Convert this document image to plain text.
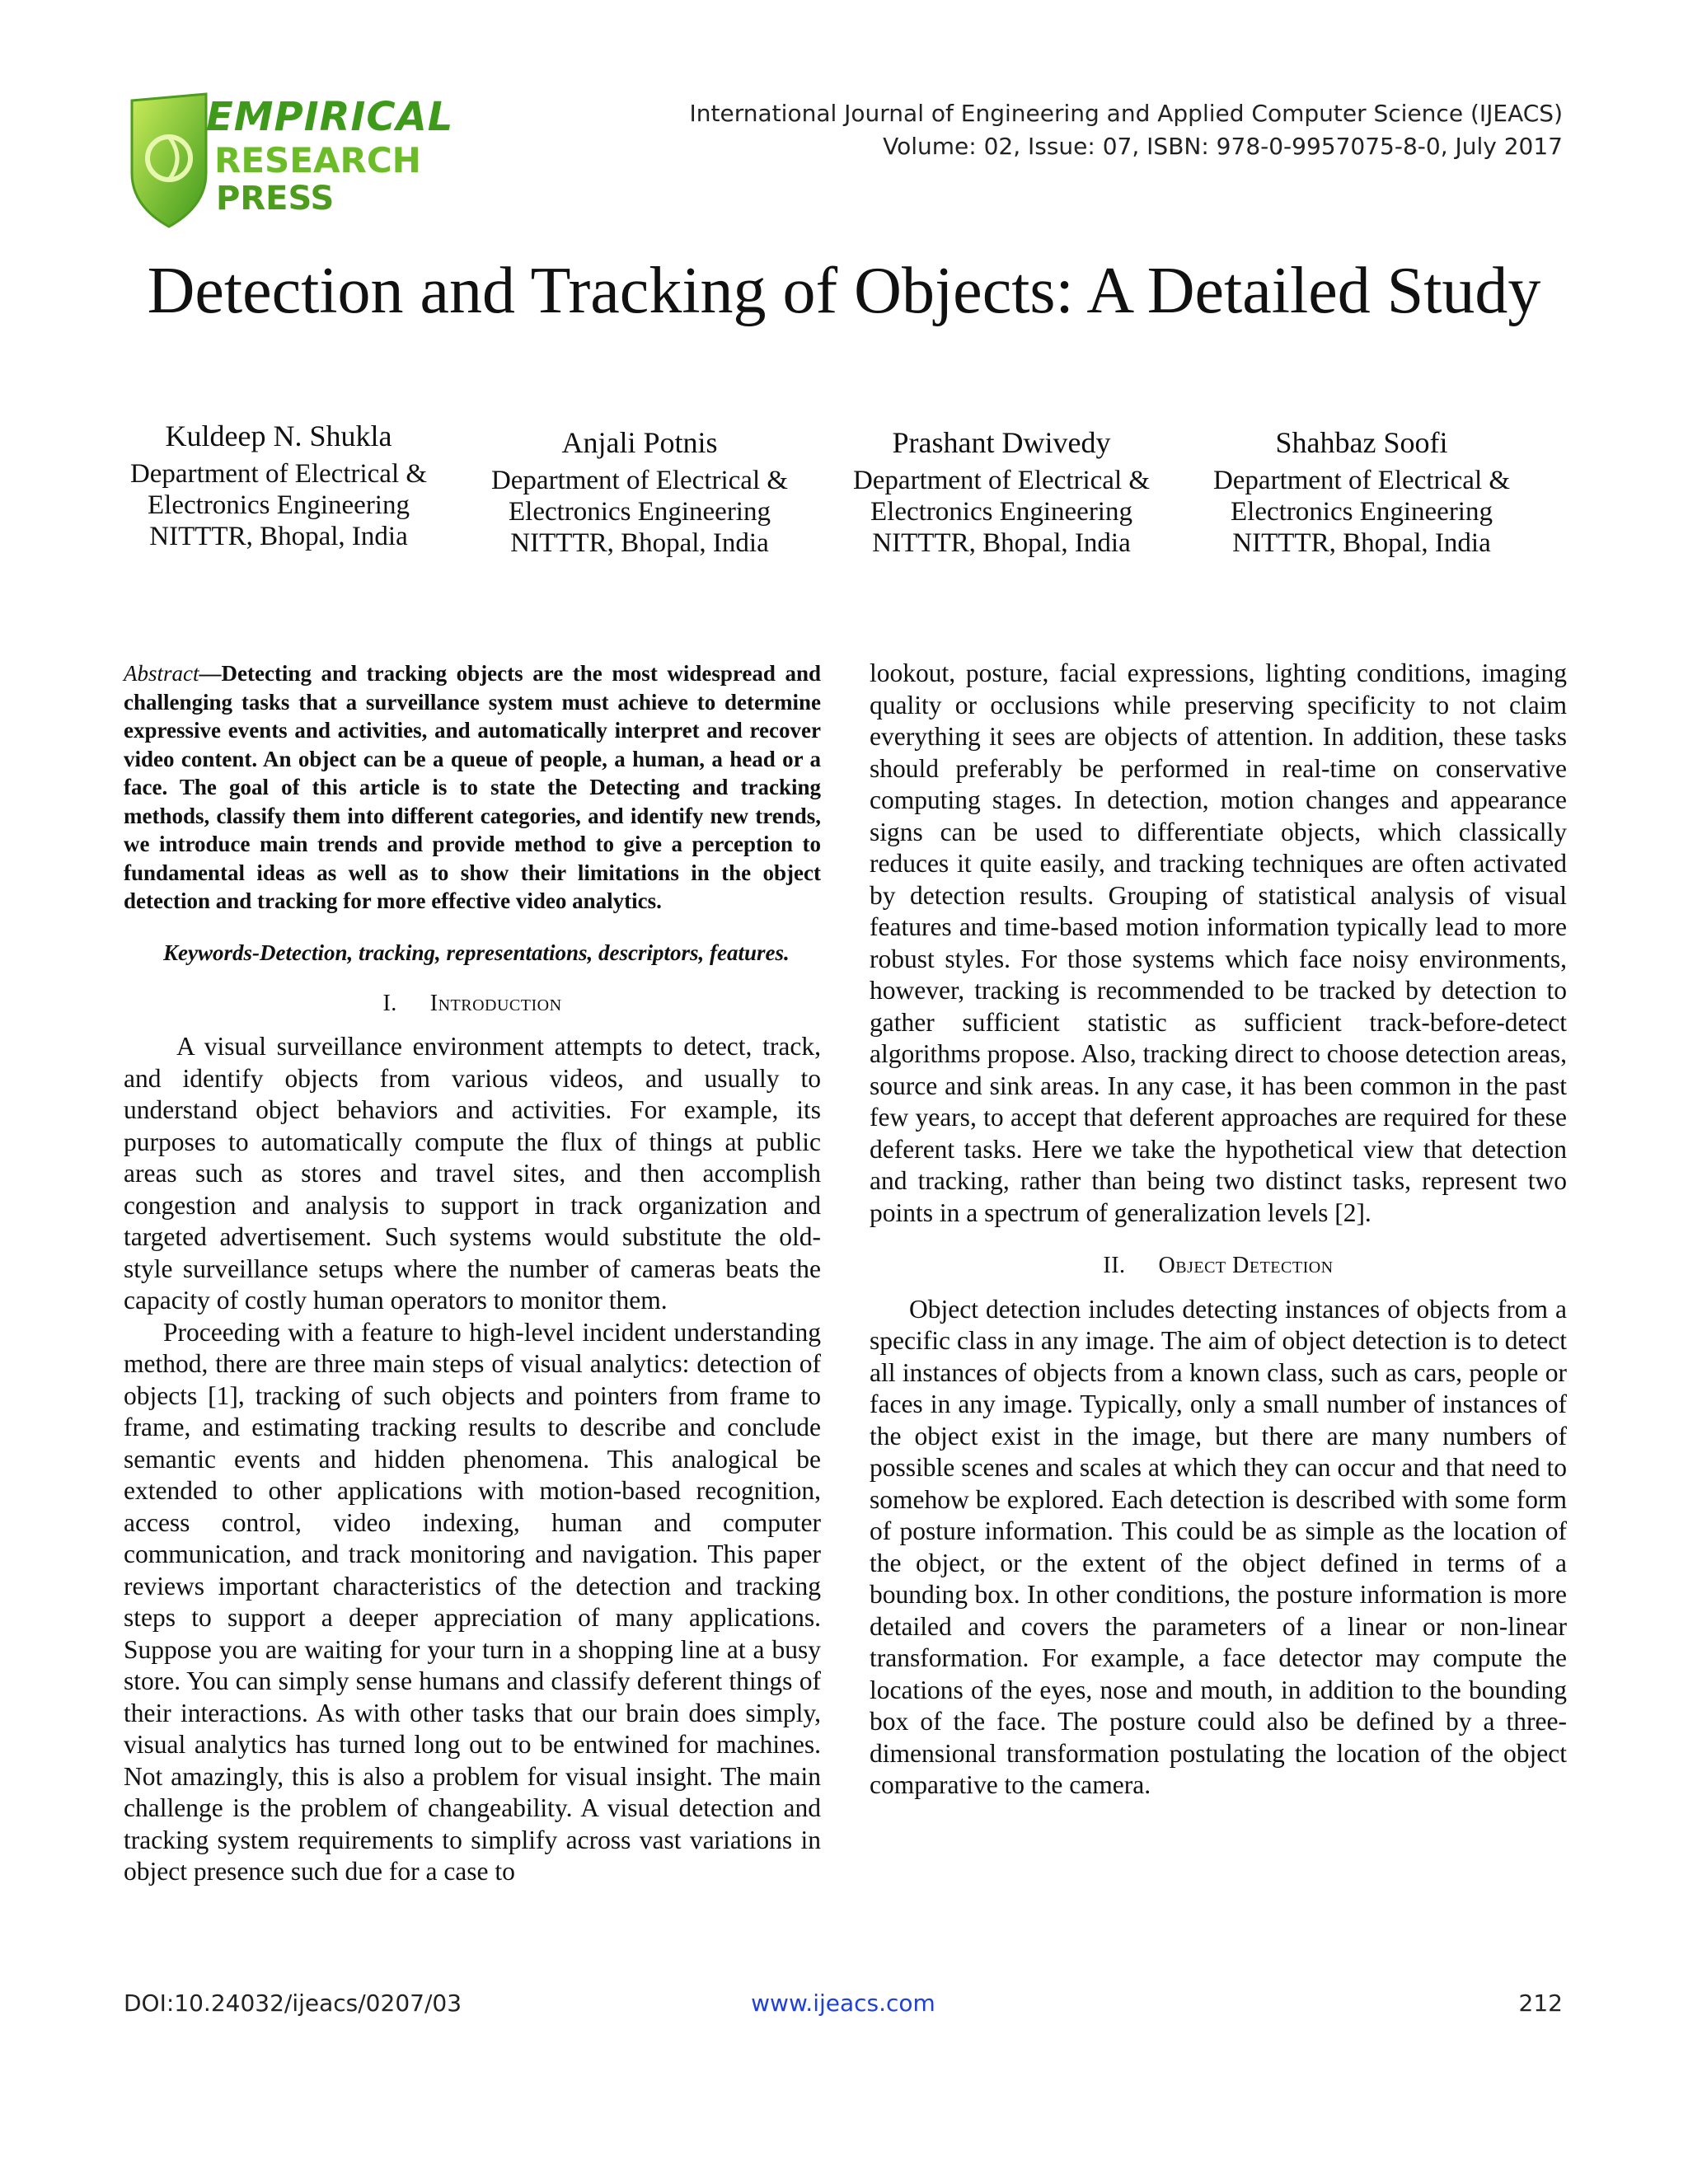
EMPIRICAL
RESEARCH
PRESS
International Journal of Engineering and Applied Computer Science (IJEACS)
Volume: 02, Issue: 07, ISBN: 978-0-9957075-8-0, July 2017
Detection and Tracking of Objects: A Detailed Study
Kuldeep N. Shukla
Department of Electrical &
Electronics Engineering
NITTTR, Bhopal, India
Anjali Potnis
Department of Electrical &
Electronics Engineering
NITTTR, Bhopal, India
Prashant Dwivedy
Department of Electrical &
Electronics Engineering
NITTTR, Bhopal, India
Shahbaz Soofi
Department of Electrical &
Electronics Engineering
NITTTR, Bhopal, India

Abstract—Detecting and tracking objects are the most widespread and challenging tasks that a surveillance system must achieve to determine expressive events and activities, and automatically interpret and recover video content. An object can be a queue of people, a human, a head or a face. The goal of this article is to state the Detecting and tracking methods, classify them into different categories, and identify new trends, we introduce main trends and provide method to give a perception to fundamental ideas as well as to show their limitations in the object detection and tracking for more effective video analytics.

Keywords-Detection, tracking, representations, descriptors, features.

I. Introduction

A visual surveillance environment attempts to detect, track, and identify objects from various videos, and usually to understand object behaviors and activities. For example, its purposes to automatically compute the flux of things at public areas such as stores and travel sites, and then accomplish congestion and analysis to support in track organization and targeted advertisement. Such systems would substitute the old-style surveillance setups where the number of cameras beats the capacity of costly human operators to monitor them.

Proceeding with a feature to high-level incident understanding method, there are three main steps of visual analytics: detection of objects [1], tracking of such objects and pointers from frame to frame, and estimating tracking results to describe and conclude semantic events and hidden phenomena. This analogical be extended to other applications with motion-based recognition, access control, video indexing, human and computer communication, and track monitoring and navigation. This paper reviews important characteristics of the detection and tracking steps to support a deeper appreciation of many applications. Suppose you are waiting for your turn in a shopping line at a busy store. You can simply sense humans and classify deferent things of their interactions. As with other tasks that our brain does simply, visual analytics has turned long out to be entwined for machines. Not amazingly, this is also a problem for visual insight. The main challenge is the problem of changeability. A visual detection and tracking system requirements to simplify across vast variations in object presence such due for a case to

lookout, posture, facial expressions, lighting conditions, imaging quality or occlusions while preserving specificity to not claim everything it sees are objects of attention. In addition, these tasks should preferably be performed in real-time on conservative computing stages. In detection, motion changes and appearance signs can be used to differentiate objects, which classically reduces it quite easily, and tracking techniques are often activated by detection results. Grouping of statistical analysis of visual features and time-based motion information typically lead to more robust styles. For those systems which face noisy environments, however, tracking is recommended to be tracked by detection to gather sufficient statistic as sufficient track-before-detect algorithms propose. Also, tracking direct to choose detection areas, source and sink areas. In any case, it has been common in the past few years, to accept that deferent approaches are required for these deferent tasks. Here we take the hypothetical view that detection and tracking, rather than being two distinct tasks, represent two points in a spectrum of generalization levels [2].

II. Object Detection

Object detection includes detecting instances of objects from a specific class in any image. The aim of object detection is to detect all instances of objects from a known class, such as cars, people or faces in any image. Typically, only a small number of instances of the object exist in the image, but there are many numbers of possible scenes and scales at which they can occur and that need to somehow be explored. Each detection is described with some form of posture information. This could be as simple as the location of the object, or the extent of the object defined in terms of a bounding box. In other conditions, the posture information is more detailed and covers the parameters of a linear or non-linear transformation. For example, a face detector may compute the locations of the eyes, nose and mouth, in addition to the bounding box of the face. The posture could also be defined by a three-dimensional transformation postulating the location of the object comparative to the camera.

DOI:10.24032/ijeacs/0207/03	www.ijeacs.com	212
